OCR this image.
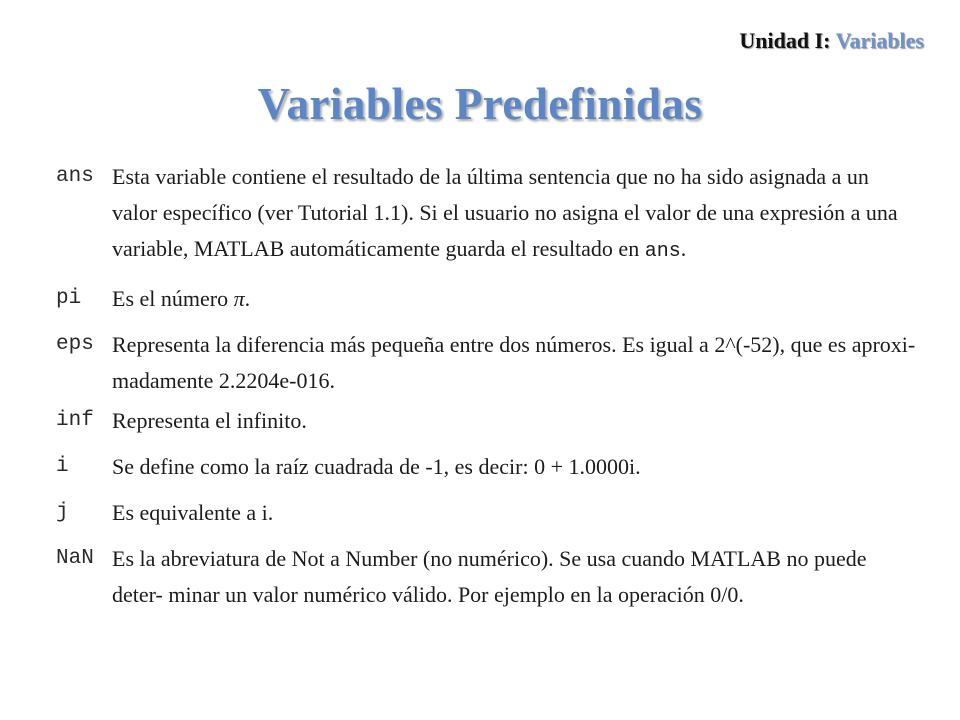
Unidad I: Variables
Variables Predefinidas
ans Esta variable contiene el resultado de la última sentencia que no ha sido asignada a un valor específico (ver Tutorial 1.1). Si el usuario no asigna el valor de una expresión a una variable, MATLAB automáticamente guarda el resultado en ans.
pi	Es el número π.
eps Representa la diferencia más pequeña entre dos números. Es igual a 2^(-52), que es aproxi- madamente 2.2204e-016.
inf Representa el infinito.
i	Se define como la raíz cuadrada de -1, es decir: 0 + 1.0000i.
j	Es equivalente a i.
NaN Es la abreviatura de Not a Number (no numérico). Se usa cuando MATLAB no puede deter- minar un valor numérico válido. Por ejemplo en la operación 0/0.
